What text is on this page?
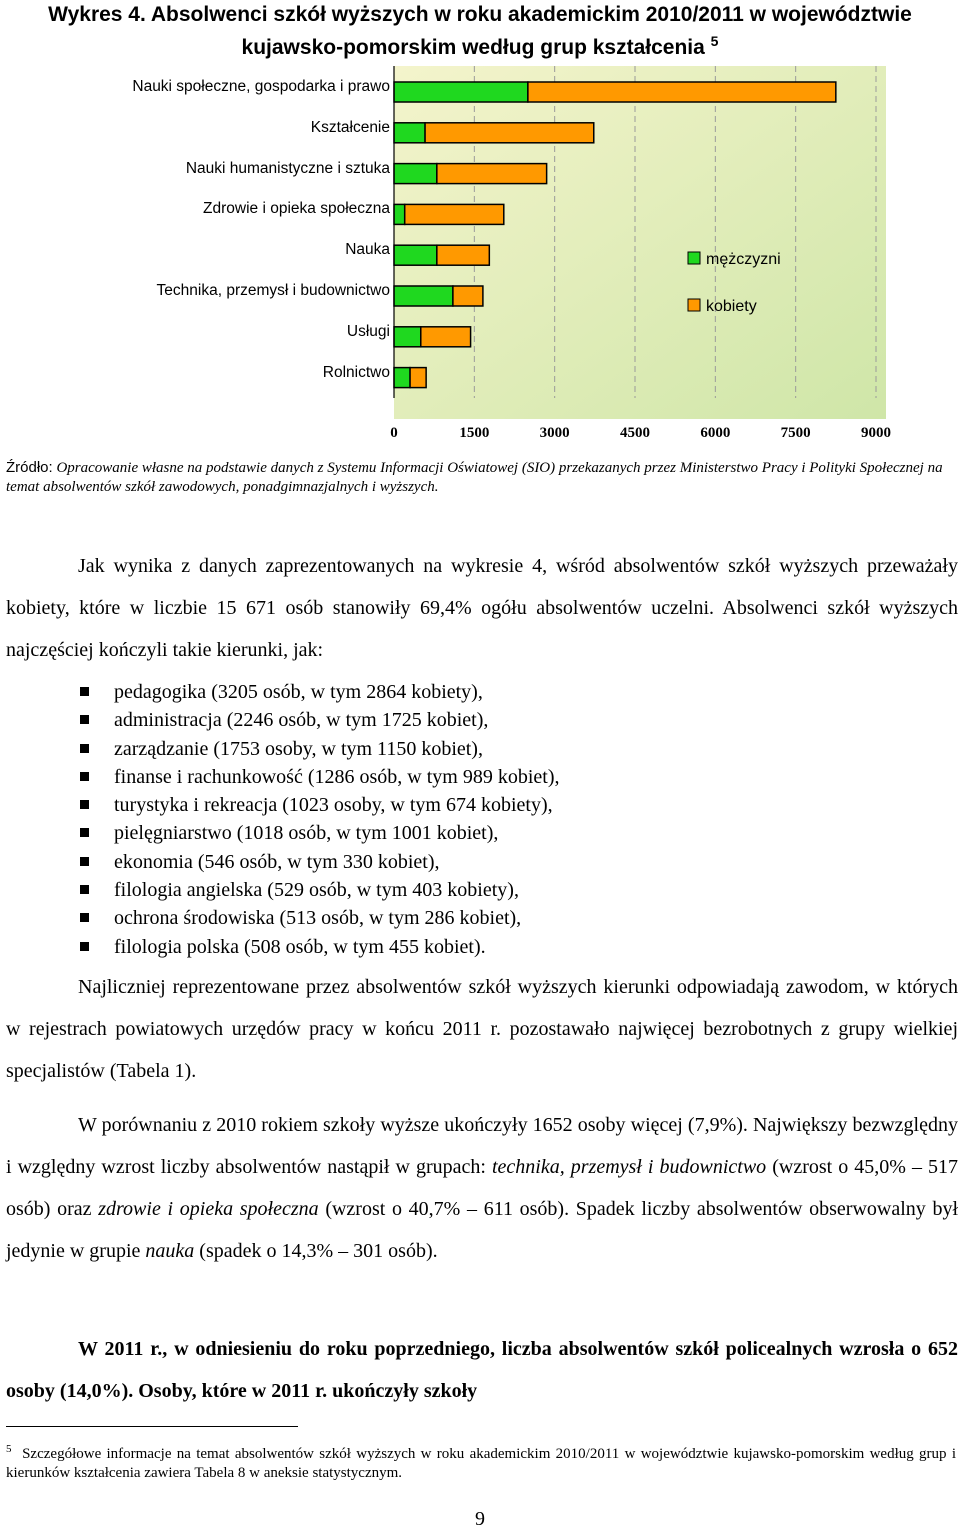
Wykres 4. Absolwenci szkół wyższych w roku akademickim 2010/2011 w województwie
kujawsko-pomorskim według grup kształcenia $^5$
0	1500	3000	4500	6000	7500	9000
mężczyzni
kobiety
Nauki społeczne, gospodarka i prawo
Kształcenie
Nauki humanistyczne i sztuka
Zdrowie i opieka społeczna
Nauka
Technika, przemysł i budownictwo
Usługi
Rolnictwo
Źródło: Opracowanie własne na podstawie danych z Systemu Informacji Oświatowej (SIO) przekazanych przez Ministerstwo Pracy i Polityki Społecznej na temat absolwentów szkół zawodowych, ponadgimnazjalnych i wyższych.
Jak wynika z danych zaprezentowanych na wykresie 4, wśród absolwentów szkół wyższych przeważały kobiety, które w liczbie 15 671 osób stanowiły 69,4% ogółu absolwentów uczelni. Absolwenci szkół wyższych najczęściej kończyli takie kierunki, jak:
pedagogika (3205 osób, w tym 2864 kobiety),
administracja (2246 osób, w tym 1725 kobiet),
zarządzanie (1753 osoby, w tym 1150 kobiet),
finanse i rachunkowość (1286 osób, w tym 989 kobiet),
turystyka i rekreacja (1023 osoby, w tym 674 kobiety),
pielęgniarstwo (1018 osób, w tym 1001 kobiet),
ekonomia (546 osób, w tym 330 kobiet),
filologia angielska (529 osób, w tym 403 kobiety),
ochrona środowiska (513 osób, w tym 286 kobiet),
filologia polska (508 osób, w tym 455 kobiet).
Najliczniej reprezentowane przez absolwentów szkół wyższych kierunki odpowiadają zawodom, w których w rejestrach powiatowych urzędów pracy w końcu 2011 r. pozostawało najwięcej bezrobotnych z grupy wielkiej specjalistów (Tabela 1).
W porównaniu z 2010 rokiem szkoły wyższe ukończyły 1652 osoby więcej (7,9%). Największy bezwzględny i względny wzrost liczby absolwentów nastąpił w grupach: technika, przemysł i budownictwo (wzrost o 45,0% – 517 osób) oraz zdrowie i opieka społeczna (wzrost o 40,7% – 611 osób). Spadek liczby absolwentów obserwowalny był jedynie w grupie nauka (spadek o 14,3% – 301 osób).
W 2011 r., w odniesieniu do roku poprzedniego, liczba absolwentów szkół policealnych wzrosła o 652 osoby (14,0%). Osoby, które w 2011 r. ukończyły szkoły
$^5$ Szczegółowe informacje na temat absolwentów szkół wyższych w roku akademickim 2010/2011 w województwie kujawsko-pomorskim według grup i kierunków kształcenia zawiera Tabela 8 w aneksie statystycznym.
9
